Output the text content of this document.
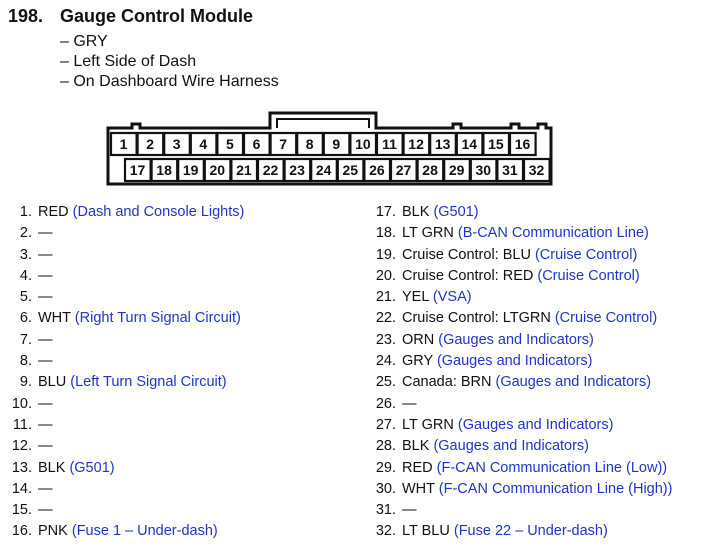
198. Gauge Control Module
– GRY
– Left Side of Dash
– On Dashboard Wire Harness
1	2	3	4	5	6	7	8	9	10 11 12 13 14 15 16
17 18 19 20 21 22 23 24 25 26 27 28 29 30 31 32
1. RED (Dash and Console Lights)
2. —
3. —
4. —
5. —
6. WHT (Right Turn Signal Circuit)
7. —
8. —
9. BLU (Left Turn Signal Circuit)
10. —
11. —
12. —
13. BLK (G501)
14. —
15. —
16. PNK (Fuse 1 – Under-dash)
17. BLK (G501)
18. LT GRN (B-CAN Communication Line)
19. Cruise Control: BLU (Cruise Control)
20. Cruise Control: RED (Cruise Control)
21. YEL (VSA)
22. Cruise Control: LTGRN (Cruise Control)
23. ORN (Gauges and Indicators)
24. GRY (Gauges and Indicators)
25. Canada: BRN (Gauges and Indicators)
26. —
27. LT GRN (Gauges and Indicators)
28. BLK (Gauges and Indicators)
29. RED (F-CAN Communication Line (Low))
30. WHT (F-CAN Communication Line (High))
31. —
32. LT BLU (Fuse 22 – Under-dash)
